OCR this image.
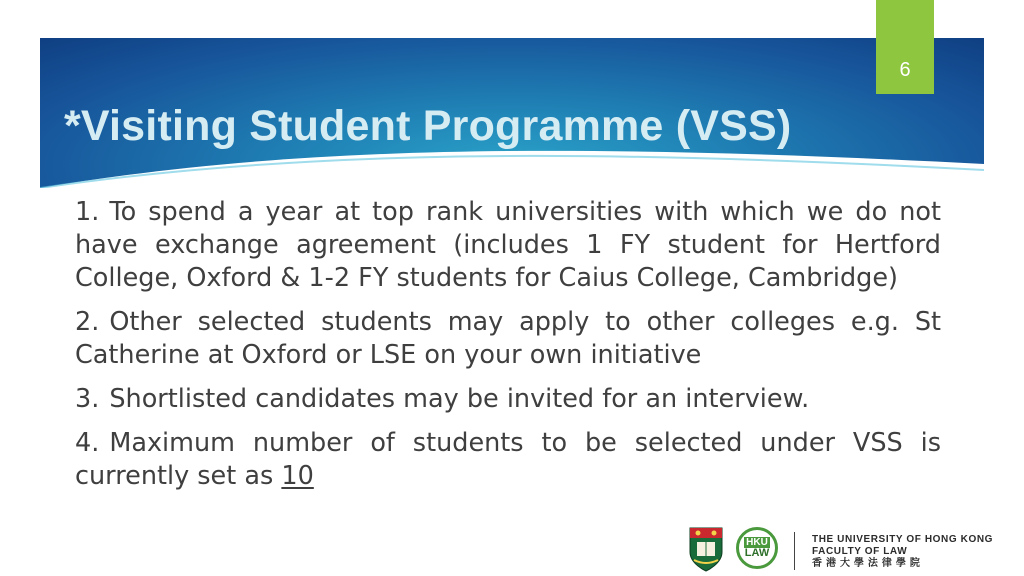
*Visiting Student Programme (VSS)
6

1. To spend a year at top rank universities with which we do not have exchange agreement (includes 1 FY student for Hertford College, Oxford & 1-2 FY students for Caius College, Cambridge)

2. Other selected students may apply to other colleges e.g. St Catherine at Oxford or LSE on your own initiative

3. Shortlisted candidates may be invited for an interview.

4. Maximum number of students to be selected under VSS is currently set as 10

HKU
LAW
THE UNIVERSITY OF HONG KONG
FACULTY OF LAW
香 港 大 學 法 律 學 院
